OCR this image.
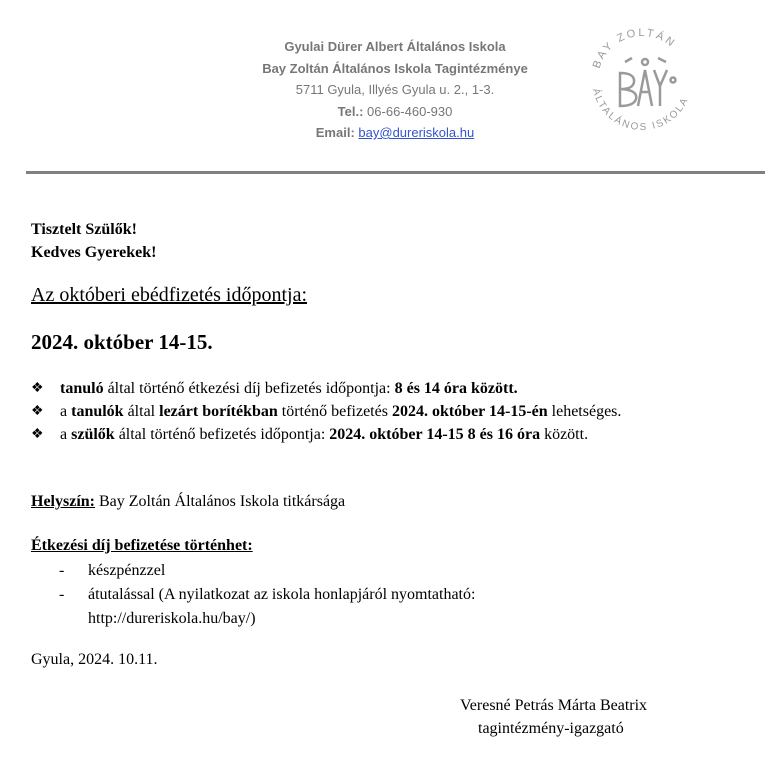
Gyulai Dürer Albert Általános Iskola
Bay Zoltán Általános Iskola Tagintézménye
5711 Gyula, Illyés Gyula u. 2., 1-3.
Tel.: 06-66-460-930
Email: bay@dureriskola.hu
BAY ZOLTÁN
ÁLTALÁNOS ISKOLA
Tisztelt Szülők!
Kedves Gyerekek!
Az októberi ebédfizetés időpontja:
2024. október 14-15.
❖ tanuló által történő étkezési díj befizetés időpontja: 8 és 14 óra között.
❖ a tanulók által lezárt borítékban történő befizetés 2024. október 14-15-én lehetséges.
❖ a szülők által történő befizetés időpontja: 2024. október 14-15 8 és 16 óra között.
Helyszín: Bay Zoltán Általános Iskola titkársága
Étkezési díj befizetése történhet:
- készpénzzel
- átutalással (A nyilatkozat az iskola honlapjáról nyomtatható:
http://dureriskola.hu/bay/)
Gyula, 2024. 10.11.
Veresné Petrás Márta Beatrix
tagintézmény-igazgató
